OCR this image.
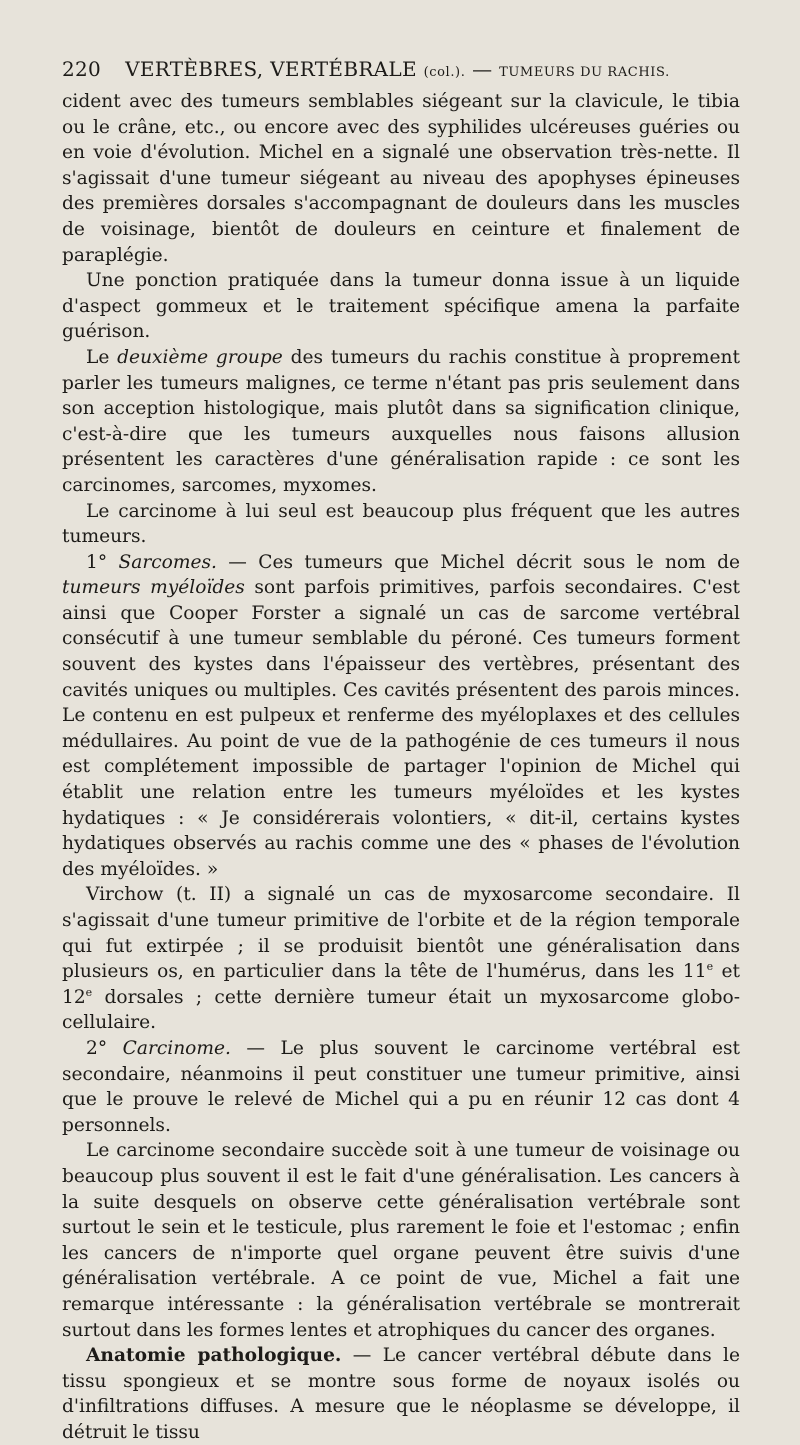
220 VERTÈBRES, VERTÉBRALE (col.). — TUMEURS DU RACHIS.

cident avec des tumeurs semblables siégeant sur la clavicule, le tibia ou le crâne, etc., ou encore avec des syphilides ulcéreuses guéries ou en voie d'évolution. Michel en a signalé une observation très-nette. Il s'agissait d'une tumeur siégeant au niveau des apophyses épineuses des premières dorsales s'accompagnant de douleurs dans les muscles de voisinage, bientôt de douleurs en ceinture et finalement de paraplégie.

Une ponction pratiquée dans la tumeur donna issue à un liquide d'aspect gommeux et le traitement spécifique amena la parfaite guérison.

Le deuxième groupe des tumeurs du rachis constitue à proprement parler les tumeurs malignes, ce terme n'étant pas pris seulement dans son acception histologique, mais plutôt dans sa signification clinique, c'est-à-dire que les tumeurs auxquelles nous faisons allusion présentent les caractères d'une généralisation rapide : ce sont les carcinomes, sarcomes, myxomes.

Le carcinome à lui seul est beaucoup plus fréquent que les autres tumeurs.

1° Sarcomes. — Ces tumeurs que Michel décrit sous le nom de tumeurs myéloïdes sont parfois primitives, parfois secondaires. C'est ainsi que Cooper Forster a signalé un cas de sarcome vertébral consécutif à une tumeur semblable du péroné. Ces tumeurs forment souvent des kystes dans l'épaisseur des vertèbres, présentant des cavités uniques ou multiples. Ces cavités présentent des parois minces. Le contenu en est pulpeux et renferme des myéloplaxes et des cellules médullaires. Au point de vue de la pathogénie de ces tumeurs il nous est complétement impossible de partager l'opinion de Michel qui établit une relation entre les tumeurs myéloïdes et les kystes hydatiques : « Je considérerais volontiers, « dit-il, certains kystes hydatiques observés au rachis comme une des « phases de l'évolution des myéloïdes. »

Virchow (t. II) a signalé un cas de myxosarcome secondaire. Il s'agissait d'une tumeur primitive de l'orbite et de la région temporale qui fut extirpée ; il se produisit bientôt une généralisation dans plusieurs os, en particulier dans la tête de l'humérus, dans les 11e et 12e dorsales ; cette dernière tumeur était un myxosarcome globo-cellulaire.

2° Carcinome. — Le plus souvent le carcinome vertébral est secondaire, néanmoins il peut constituer une tumeur primitive, ainsi que le prouve le relevé de Michel qui a pu en réunir 12 cas dont 4 personnels.

Le carcinome secondaire succède soit à une tumeur de voisinage ou beaucoup plus souvent il est le fait d'une généralisation. Les cancers à la suite desquels on observe cette généralisation vertébrale sont surtout le sein et le testicule, plus rarement le foie et l'estomac ; enfin les cancers de n'importe quel organe peuvent être suivis d'une généralisation vertébrale. A ce point de vue, Michel a fait une remarque intéressante : la généralisation vertébrale se montrerait surtout dans les formes lentes et atrophiques du cancer des organes.

Anatomie pathologique. — Le cancer vertébral débute dans le tissu spongieux et se montre sous forme de noyaux isolés ou d'infiltrations diffuses. A mesure que le néoplasme se développe, il détruit le tissu
